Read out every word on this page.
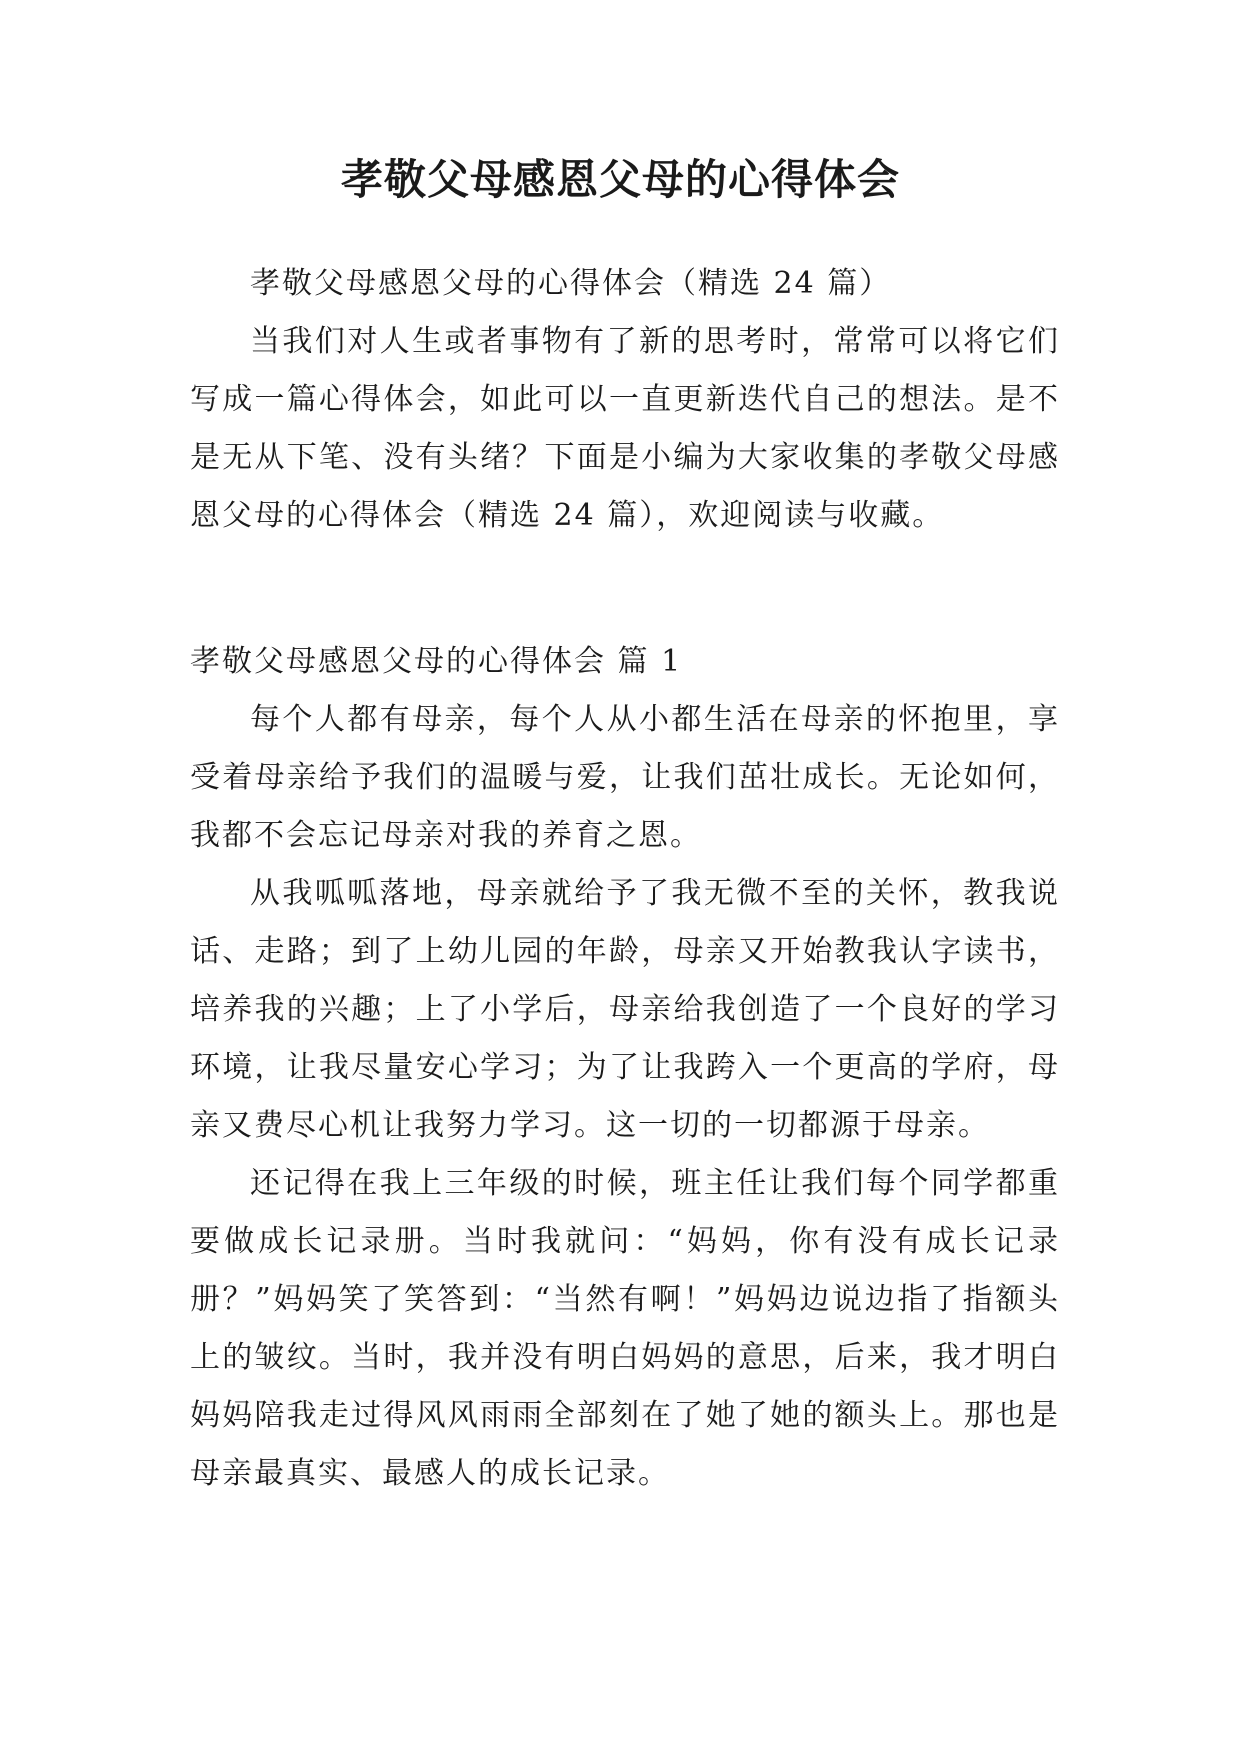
孝敬父母感恩父母的心得体会

孝敬父母感恩父母的心得体会（精选 24 篇）

当我们对人生或者事物有了新的思考时，常常可以将它们写成一篇心得体会，如此可以一直更新迭代自己的想法。是不是无从下笔、没有头绪？下面是小编为大家收集的孝敬父母感恩父母的心得体会（精选 24 篇），欢迎阅读与收藏。

孝敬父母感恩父母的心得体会 篇 1

每个人都有母亲，每个人从小都生活在母亲的怀抱里，享受着母亲给予我们的温暖与爱，让我们茁壮成长。无论如何，我都不会忘记母亲对我的养育之恩。

从我呱呱落地，母亲就给予了我无微不至的关怀，教我说话、走路；到了上幼儿园的年龄，母亲又开始教我认字读书，培养我的兴趣；上了小学后，母亲给我创造了一个良好的学习环境，让我尽量安心学习；为了让我跨入一个更高的学府，母亲又费尽心机让我努力学习。这一切的一切都源于母亲。

还记得在我上三年级的时候，班主任让我们每个同学都重要做成长记录册。当时我就问：“妈妈，你有没有成长记录册？”妈妈笑了笑答到：“当然有啊！”妈妈边说边指了指额头上的皱纹。当时，我并没有明白妈妈的意思，后来，我才明白妈妈陪我走过得风风雨雨全部刻在了她了她的额头上。那也是母亲最真实、最感人的成长记录。
